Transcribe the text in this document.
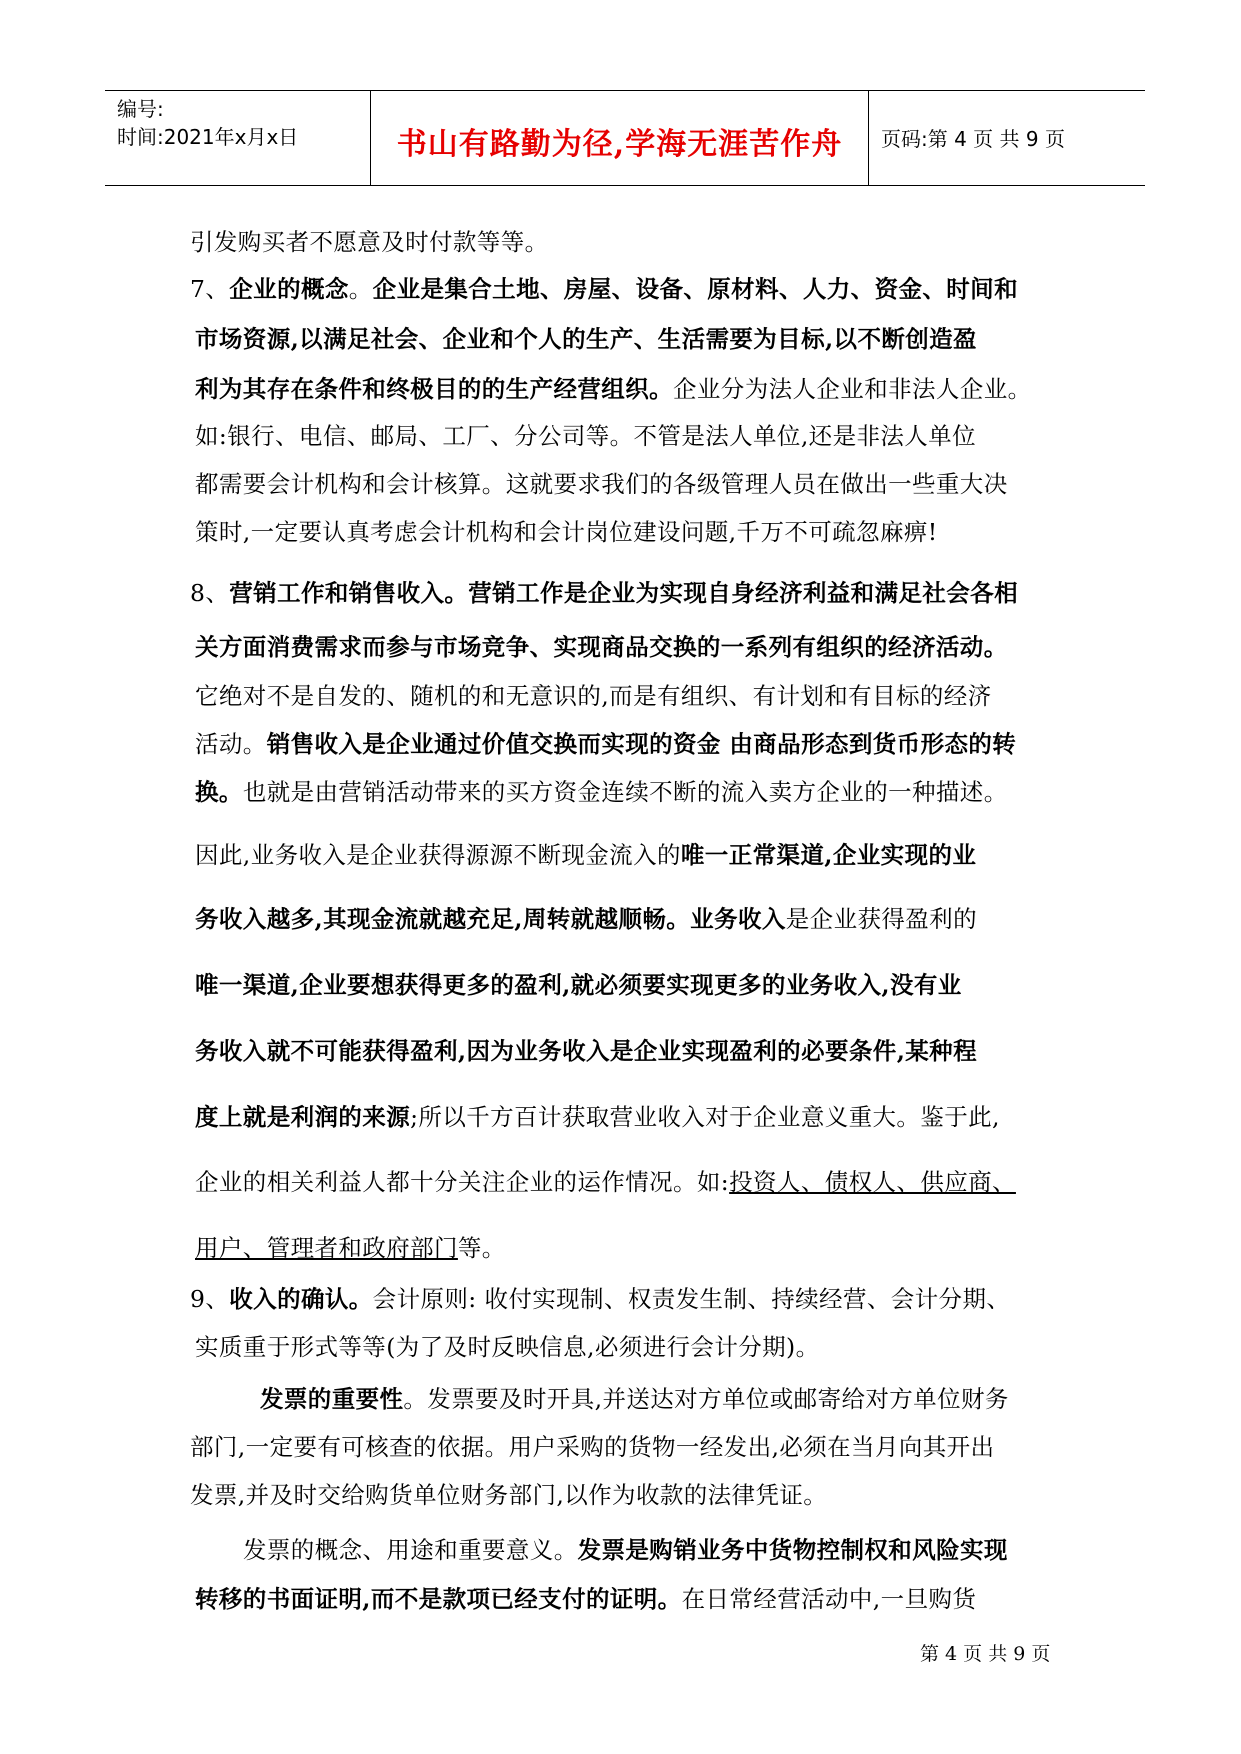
编号:
时间:2021年x月x日	书山有路勤为径,学海无涯苦作舟	页码:第 4 页 共 9 页
引发购买者不愿意及时付款等等。
7、企业的概念。企业是集合土地、房屋、设备、原材料、人力、资金、时间和
市场资源,以满足社会、企业和个人的生产、生活需要为目标,以不断创造盈
利为其存在条件和终极目的的生产经营组织。企业分为法人企业和非法人企业。
如:银行、电信、邮局、工厂、分公司等。不管是法人单位,还是非法人单位
都需要会计机构和会计核算。这就要求我们的各级管理人员在做出一些重大决
策时,一定要认真考虑会计机构和会计岗位建设问题,千万不可疏忽麻痹!
8、营销工作和销售收入。营销工作是企业为实现自身经济利益和满足社会各相
关方面消费需求而参与市场竞争、实现商品交换的一系列有组织的经济活动。
它绝对不是自发的、随机的和无意识的,而是有组织、有计划和有目标的经济
活动。销售收入是企业通过价值交换而实现的资金 由商品形态到货币形态的转
换。也就是由营销活动带来的买方资金连续不断的流入卖方企业的一种描述。
因此,业务收入是企业获得源源不断现金流入的唯一正常渠道,企业实现的业
务收入越多,其现金流就越充足,周转就越顺畅。业务收入是企业获得盈利的
唯一渠道,企业要想获得更多的盈利,就必须要实现更多的业务收入,没有业
务收入就不可能获得盈利,因为业务收入是企业实现盈利的必要条件,某种程
度上就是利润的来源;所以千方百计获取营业收入对于企业意义重大。鉴于此,
企业的相关利益人都十分关注企业的运作情况。如:投资人、债权人、供应商、
用户、管理者和政府部门等。
9、收入的确认。会计原则: 收付实现制、权责发生制、持续经营、会计分期、
实质重于形式等等(为了及时反映信息,必须进行会计分期)。
发票的重要性。发票要及时开具,并送达对方单位或邮寄给对方单位财务
部门,一定要有可核查的依据。用户采购的货物一经发出,必须在当月向其开出
发票,并及时交给购货单位财务部门,以作为收款的法律凭证。
发票的概念、用途和重要意义。发票是购销业务中货物控制权和风险实现
转移的书面证明,而不是款项已经支付的证明。在日常经营活动中,一旦购货
第 4 页 共 9 页
